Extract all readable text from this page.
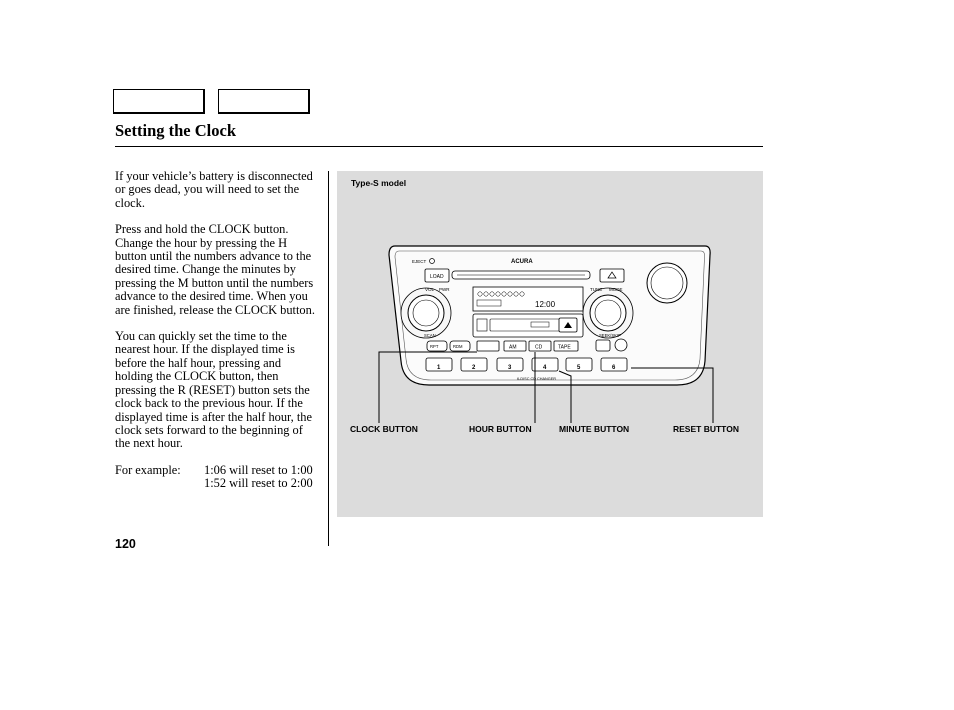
Setting the Clock

If your vehicle’s battery is disconnected or goes dead, you will need to set the clock.

Press and hold the CLOCK button. Change the hour by pressing the H button until the numbers advance to the desired time. Change the minutes by pressing the M button until the numbers advance to the desired time. When you are finished, release the CLOCK button.

You can quickly set the time to the nearest hour. If the displayed time is before the half hour, pressing and holding the CLOCK button, then pressing the R (RESET) button sets the clock back to the previous hour. If the displayed time is after the half hour, the clock sets forward to the beginning of the next hour.

For example: 1:06 will reset to 1:00
1:52 will reset to 2:00
Type-S model
EJECT	ACURA
LOAD
VOL PWR
SCAN
TUNE MODE
SEEK/SKIP
12:00
RPT	RDM	AM	CD	TAPE
1	2	3	4	5	6
6-DISC CD CHANGER
CLOCK BUTTON	HOUR BUTTON	MINUTE BUTTON	RESET BUTTON
120
